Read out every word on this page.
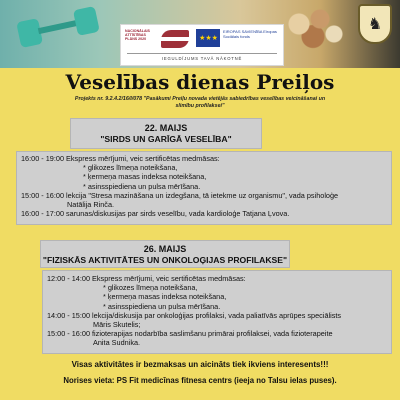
♞
NACIONĀLAIS ATTĪSTĪBAS PLĀNS 2020	★ ★ ★
EIROPAS SAVIENĪBA Eiropas Sociālais fonds
IEGULDĪJUMS TAVĀ NĀKOTNĒ
Veselības dienas Preiļos
Projekts nr. 9.2.4.2/16/I/078 "Pasākumi Preiļu novada vietējās sabiedrības veselības veicināšanai un slimību profilaksei"
22. MAIJS
"SIRDS UN GARĪGĀ VESELĪBA"
16:00 - 19:00 Ekspress mērījumi, veic sertificētas medmāsas:
* glikozes līmeņa noteikšana,
* ķermeņa masas indeksa noteikšana,
* asinsspiediena un pulsa mērīšana.
15:00 - 16:00 lekcija "Stresa mazināšana un izdegšana, tā ietekme uz organismu", vada psiholoģe
Natālija Rinča.
16:00 - 17:00 sarunas/diskusijas par sirds veselību, vada kardioloģe Tatjana Ļvova.
26. MAIJS
"FIZISKĀS AKTIVITĀTES UN ONKOLOĢIJAS PROFILAKSE"
12:00 - 14:00 Ekspress mērījumi, veic sertificētas medmāsas:
* glikozes līmeņa noteikšana,
* ķermeņa masas indeksa noteikšana,
* asinsspiediena un pulsa mērīšana.
14:00 - 15:00 lekcija/diskusija par onkoloģijas profilaksi, vada paliatīvās aprūpes speciālists
Māris Skutelis;
15:00 - 16:00 fizioterapijas nodarbība saslimšanu primārai profilaksei, vada fizioterapeite
Anita Sudnika.
Visas aktivitātes ir bezmaksas un aicināts tiek ikviens interesents!!!
Norises vieta: PS Fit medicīnas fitnesa centrs (ieeja no Talsu ielas puses).
